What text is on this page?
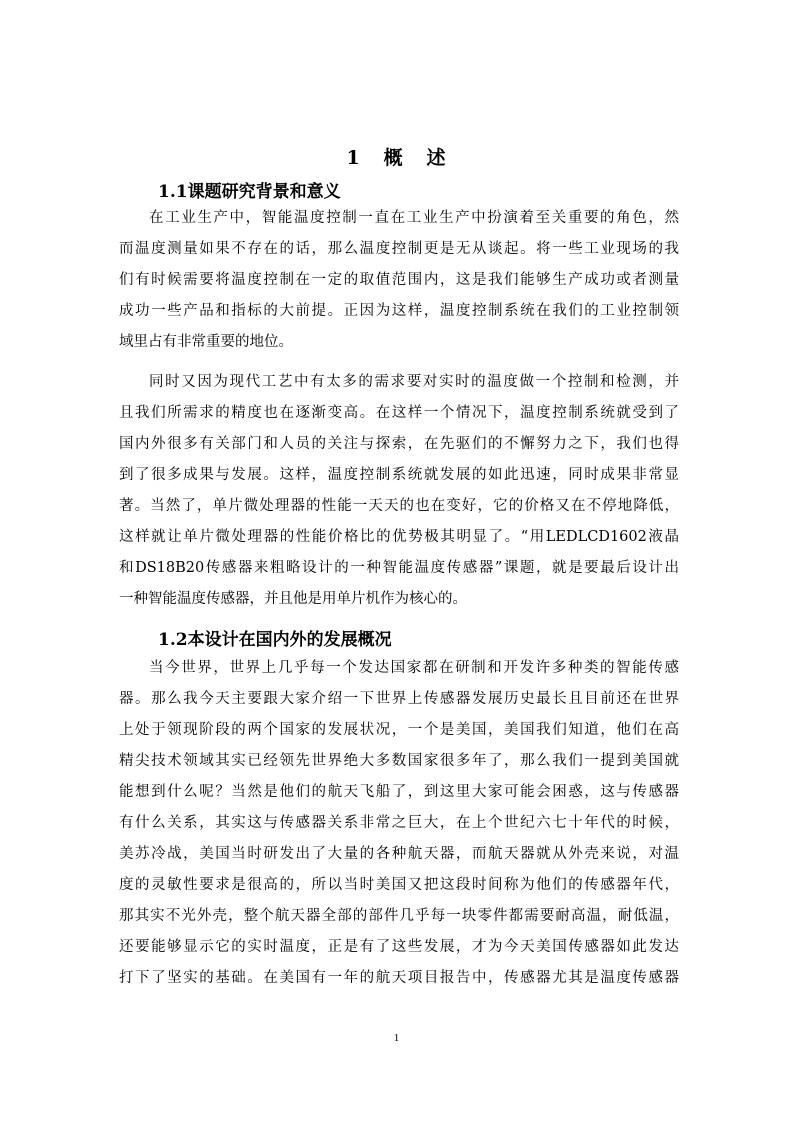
1   概   述
1.1课题研究背景和意义
在工业生产中，智能温度控制一直在工业生产中扮演着至关重要的角色，然
而温度测量如果不存在的话，那么温度控制更是无从谈起。将一些工业现场的我
们有时候需要将温度控制在一定的取值范围内，这是我们能够生产成功或者测量
成功一些产品和指标的大前提。正因为这样，温度控制系统在我们的工业控制领
域里占有非常重要的地位。
同时又因为现代工艺中有太多的需求要对实时的温度做一个控制和检测，并
且我们所需求的精度也在逐渐变高。在这样一个情况下，温度控制系统就受到了
国内外很多有关部门和人员的关注与探索，在先驱们的不懈努力之下，我们也得
到了很多成果与发展。这样，温度控制系统就发展的如此迅速，同时成果非常显
著。当然了，单片微处理器的性能一天天的也在变好，它的价格又在不停地降低，
这样就让单片微处理器的性能价格比的优势极其明显了。“用LEDLCD1602液晶
和DS18B20传感器来粗略设计的一种智能温度传感器”课题，就是要最后设计出
一种智能温度传感器，并且他是用单片机作为核心的。
1.2本设计在国内外的发展概况
当今世界，世界上几乎每一个发达国家都在研制和开发许多种类的智能传感
器。那么我今天主要跟大家介绍一下世界上传感器发展历史最长且目前还在世界
上处于领现阶段的两个国家的发展状况，一个是美国，美国我们知道，他们在高
精尖技术领域其实已经领先世界绝大多数国家很多年了，那么我们一提到美国就
能想到什么呢？当然是他们的航天飞船了，到这里大家可能会困惑，这与传感器
有什么关系，其实这与传感器关系非常之巨大，在上个世纪六七十年代的时候，
美苏冷战，美国当时研发出了大量的各种航天器，而航天器就从外壳来说，对温
度的灵敏性要求是很高的，所以当时美国又把这段时间称为他们的传感器年代，
那其实不光外壳，整个航天器全部的部件几乎每一块零件都需要耐高温，耐低温，
还要能够显示它的实时温度，正是有了这些发展，才为今天美国传感器如此发达
打下了坚实的基础。在美国有一年的航天项目报告中，传感器尤其是温度传感器
1
